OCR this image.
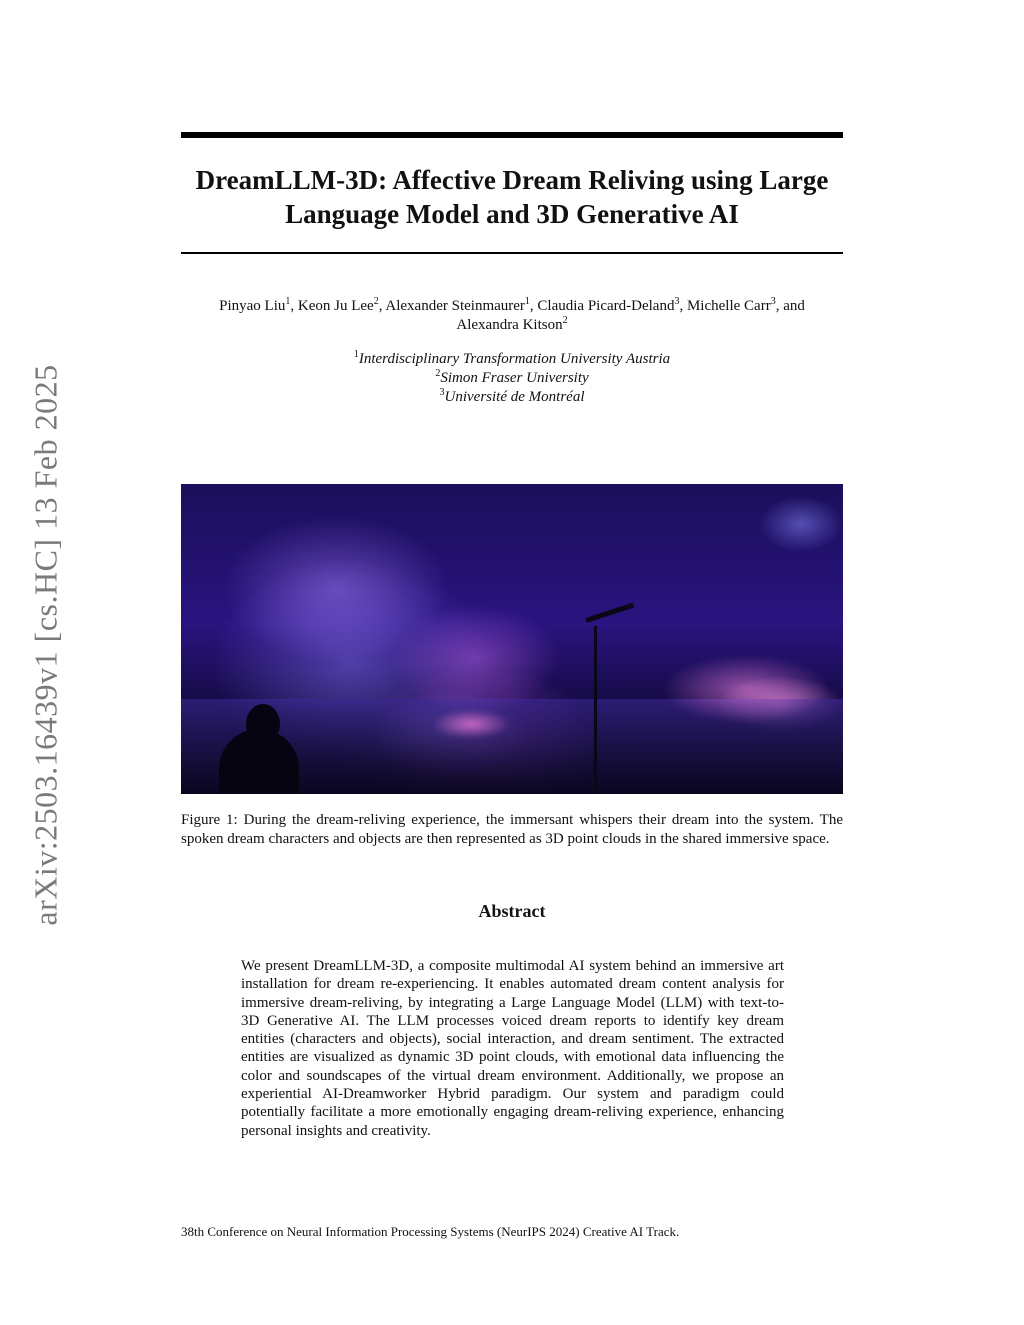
arXiv:2503.16439v1 [cs.HC] 13 Feb 2025
DreamLLM-3D: Affective Dream Reliving using Large Language Model and 3D Generative AI
Pinyao Liu$^1$, Keon Ju Lee$^2$, Alexander Steinmaurer$^1$, Claudia Picard-Deland$^3$, Michelle Carr$^3$, and
Alexandra Kitson$^2$
$^1$Interdisciplinary Transformation University Austria
$^2$Simon Fraser University
$^3$Université de Montréal

Figure 1: During the dream-reliving experience, the immersant whispers their dream into the system. The spoken dream characters and objects are then represented as 3D point clouds in the shared immersive space.

Abstract

We present DreamLLM-3D, a composite multimodal AI system behind an immersive art installation for dream re-experiencing. It enables automated dream content analysis for immersive dream-reliving, by integrating a Large Language Model (LLM) with text-to-3D Generative AI. The LLM processes voiced dream reports to identify key dream entities (characters and objects), social interaction, and dream sentiment. The extracted entities are visualized as dynamic 3D point clouds, with emotional data influencing the color and soundscapes of the virtual dream environment. Additionally, we propose an experiential AI-Dreamworker Hybrid paradigm. Our system and paradigm could potentially facilitate a more emotionally engaging dream-reliving experience, enhancing personal insights and creativity.

38th Conference on Neural Information Processing Systems (NeurIPS 2024) Creative AI Track.
